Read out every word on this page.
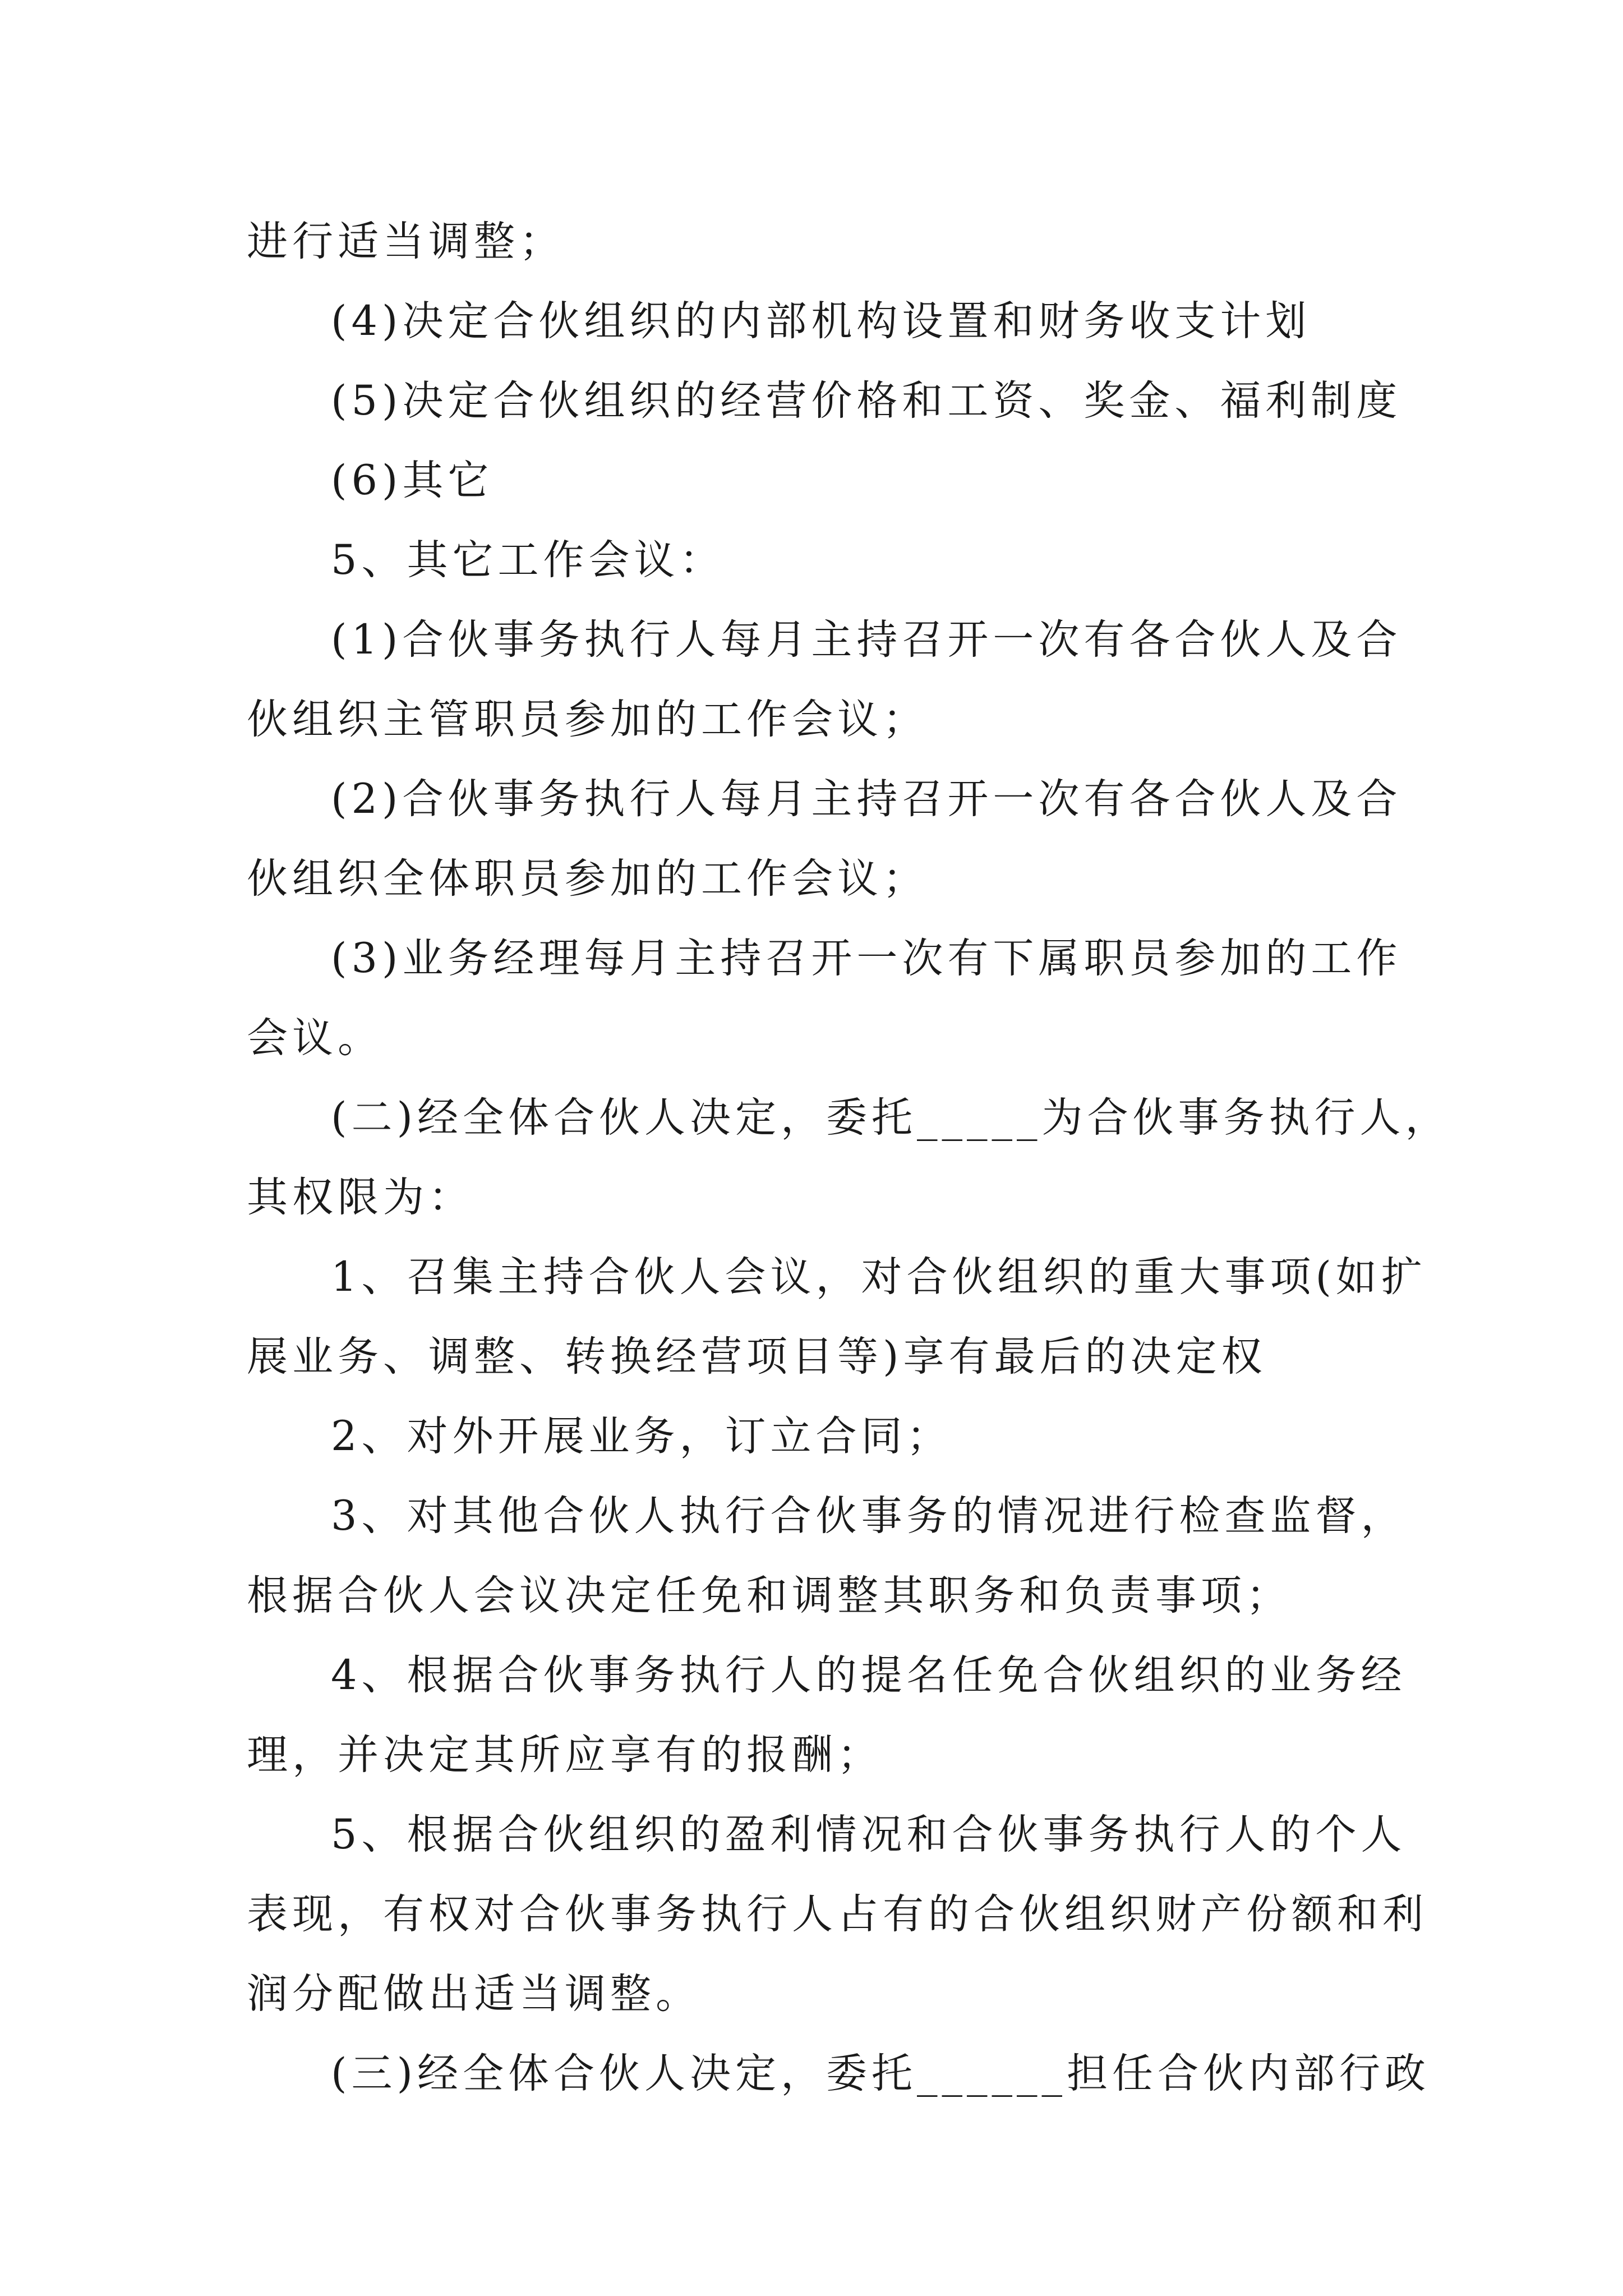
进行适当调整；
(4)决定合伙组织的内部机构设置和财务收支计划
(5)决定合伙组织的经营价格和工资、奖金、福利制度
(6)其它
5、其它工作会议：
(1)合伙事务执行人每月主持召开一次有各合伙人及合
伙组织主管职员参加的工作会议；
(2)合伙事务执行人每月主持召开一次有各合伙人及合
伙组织全体职员参加的工作会议；
(3)业务经理每月主持召开一次有下属职员参加的工作
会议。
(二)经全体合伙人决定，委托_____为合伙事务执行人，
其权限为：
1、召集主持合伙人会议，对合伙组织的重大事项(如扩
展业务、调整、转换经营项目等)享有最后的决定权
2、对外开展业务，订立合同；
3、对其他合伙人执行合伙事务的情况进行检查监督，
根据合伙人会议决定任免和调整其职务和负责事项；
4、根据合伙事务执行人的提名任免合伙组织的业务经
理，并决定其所应享有的报酬；
5、根据合伙组织的盈利情况和合伙事务执行人的个人
表现，有权对合伙事务执行人占有的合伙组织财产份额和利
润分配做出适当调整。
(三)经全体合伙人决定，委托______担任合伙内部行政
